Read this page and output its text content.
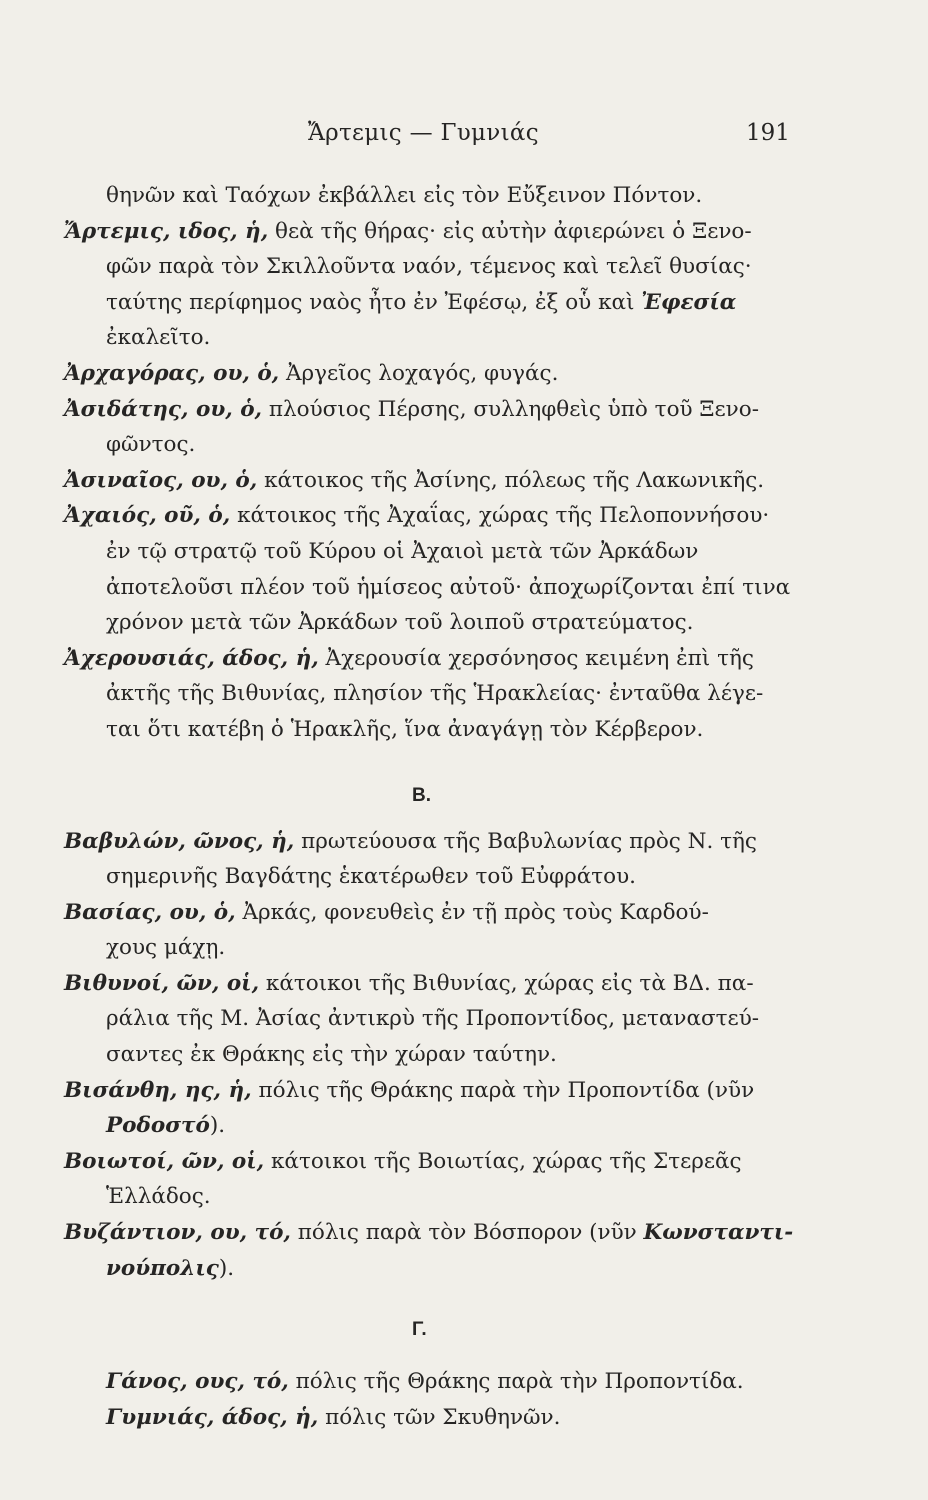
Ἄρτεμις — Γυμνιάς	191
θηνῶν καὶ Ταόχων ἐκβάλλει εἰς τὸν Εὔξεινον Πόντον.
Ἄρτεμις, ιδος, ἡ, θεὰ τῆς θήρας· εἰς αὐτὴν ἀφιερώνει ὁ Ξενο-
φῶν παρὰ τὸν Σκιλλοῦντα ναόν, τέμενος καὶ τελεῖ θυσίας·
ταύτης περίφημος ναὸς ἦτο ἐν Ἐφέσῳ, ἐξ οὗ καὶ Ἐφεσία
ἐκαλεῖτο.
Ἀρχαγόρας, ου, ὁ, Ἀργεῖος λοχαγός, φυγάς.
Ἀσιδάτης, ου, ὁ, πλούσιος Πέρσης, συλληφθεὶς ὑπὸ τοῦ Ξενο-
φῶντος.
Ἀσιναῖος, ου, ὁ, κάτοικος τῆς Ἀσίνης, πόλεως τῆς Λακωνικῆς.
Ἀχαιός, οῦ, ὁ, κάτοικος τῆς Ἀχαΐας, χώρας τῆς Πελοποννήσου·
ἐν τῷ στρατῷ τοῦ Κύρου οἱ Ἀχαιοὶ μετὰ τῶν Ἀρκάδων
ἀποτελοῦσι πλέον τοῦ ἡμίσεος αὐτοῦ· ἀποχωρίζονται ἐπί τινα
χρόνον μετὰ τῶν Ἀρκάδων τοῦ λοιποῦ στρατεύματος.
Ἀχερουσιάς, άδος, ἡ, Ἀχερουσία χερσόνησος κειμένη ἐπὶ τῆς
ἀκτῆς τῆς Βιθυνίας, πλησίον τῆς Ἡρακλείας· ἐνταῦθα λέγε-
ται ὅτι κατέβη ὁ Ἡρακλῆς, ἵνα ἀναγάγῃ τὸν Κέρβερον.
Β.
Βαβυλών, ῶνος, ἡ, πρωτεύουσα τῆς Βαβυλωνίας πρὸς Ν. τῆς
σημερινῆς Βαγδάτης ἑκατέρωθεν τοῦ Εὐφράτου.
Βασίας, ου, ὁ, Ἀρκάς, φονευθεὶς ἐν τῇ πρὸς τοὺς Καρδού-
χους μάχῃ.
Βιθυνοί, ῶν, οἱ, κάτοικοι τῆς Βιθυνίας, χώρας εἰς τὰ ΒΔ. πα-
ράλια τῆς Μ. Ἀσίας ἀντικρὺ τῆς Προποντίδος, μεταναστεύ-
σαντες ἐκ Θράκης εἰς τὴν χώραν ταύτην.
Βισάνθη, ης, ἡ, πόλις τῆς Θράκης παρὰ τὴν Προποντίδα (νῦν
Ροδοστό).
Βοιωτοί, ῶν, οἱ, κάτοικοι τῆς Βοιωτίας, χώρας τῆς Στερεᾶς
Ἑλλάδος.
Βυζάντιον, ου, τό, πόλις παρὰ τὸν Βόσπορον (νῦν Κωνσταντι-
νούπολις).
Γ.
Γάνος, ους, τό, πόλις τῆς Θράκης παρὰ τὴν Προποντίδα.
Γυμνιάς, άδος, ἡ, πόλις τῶν Σκυθηνῶν.
